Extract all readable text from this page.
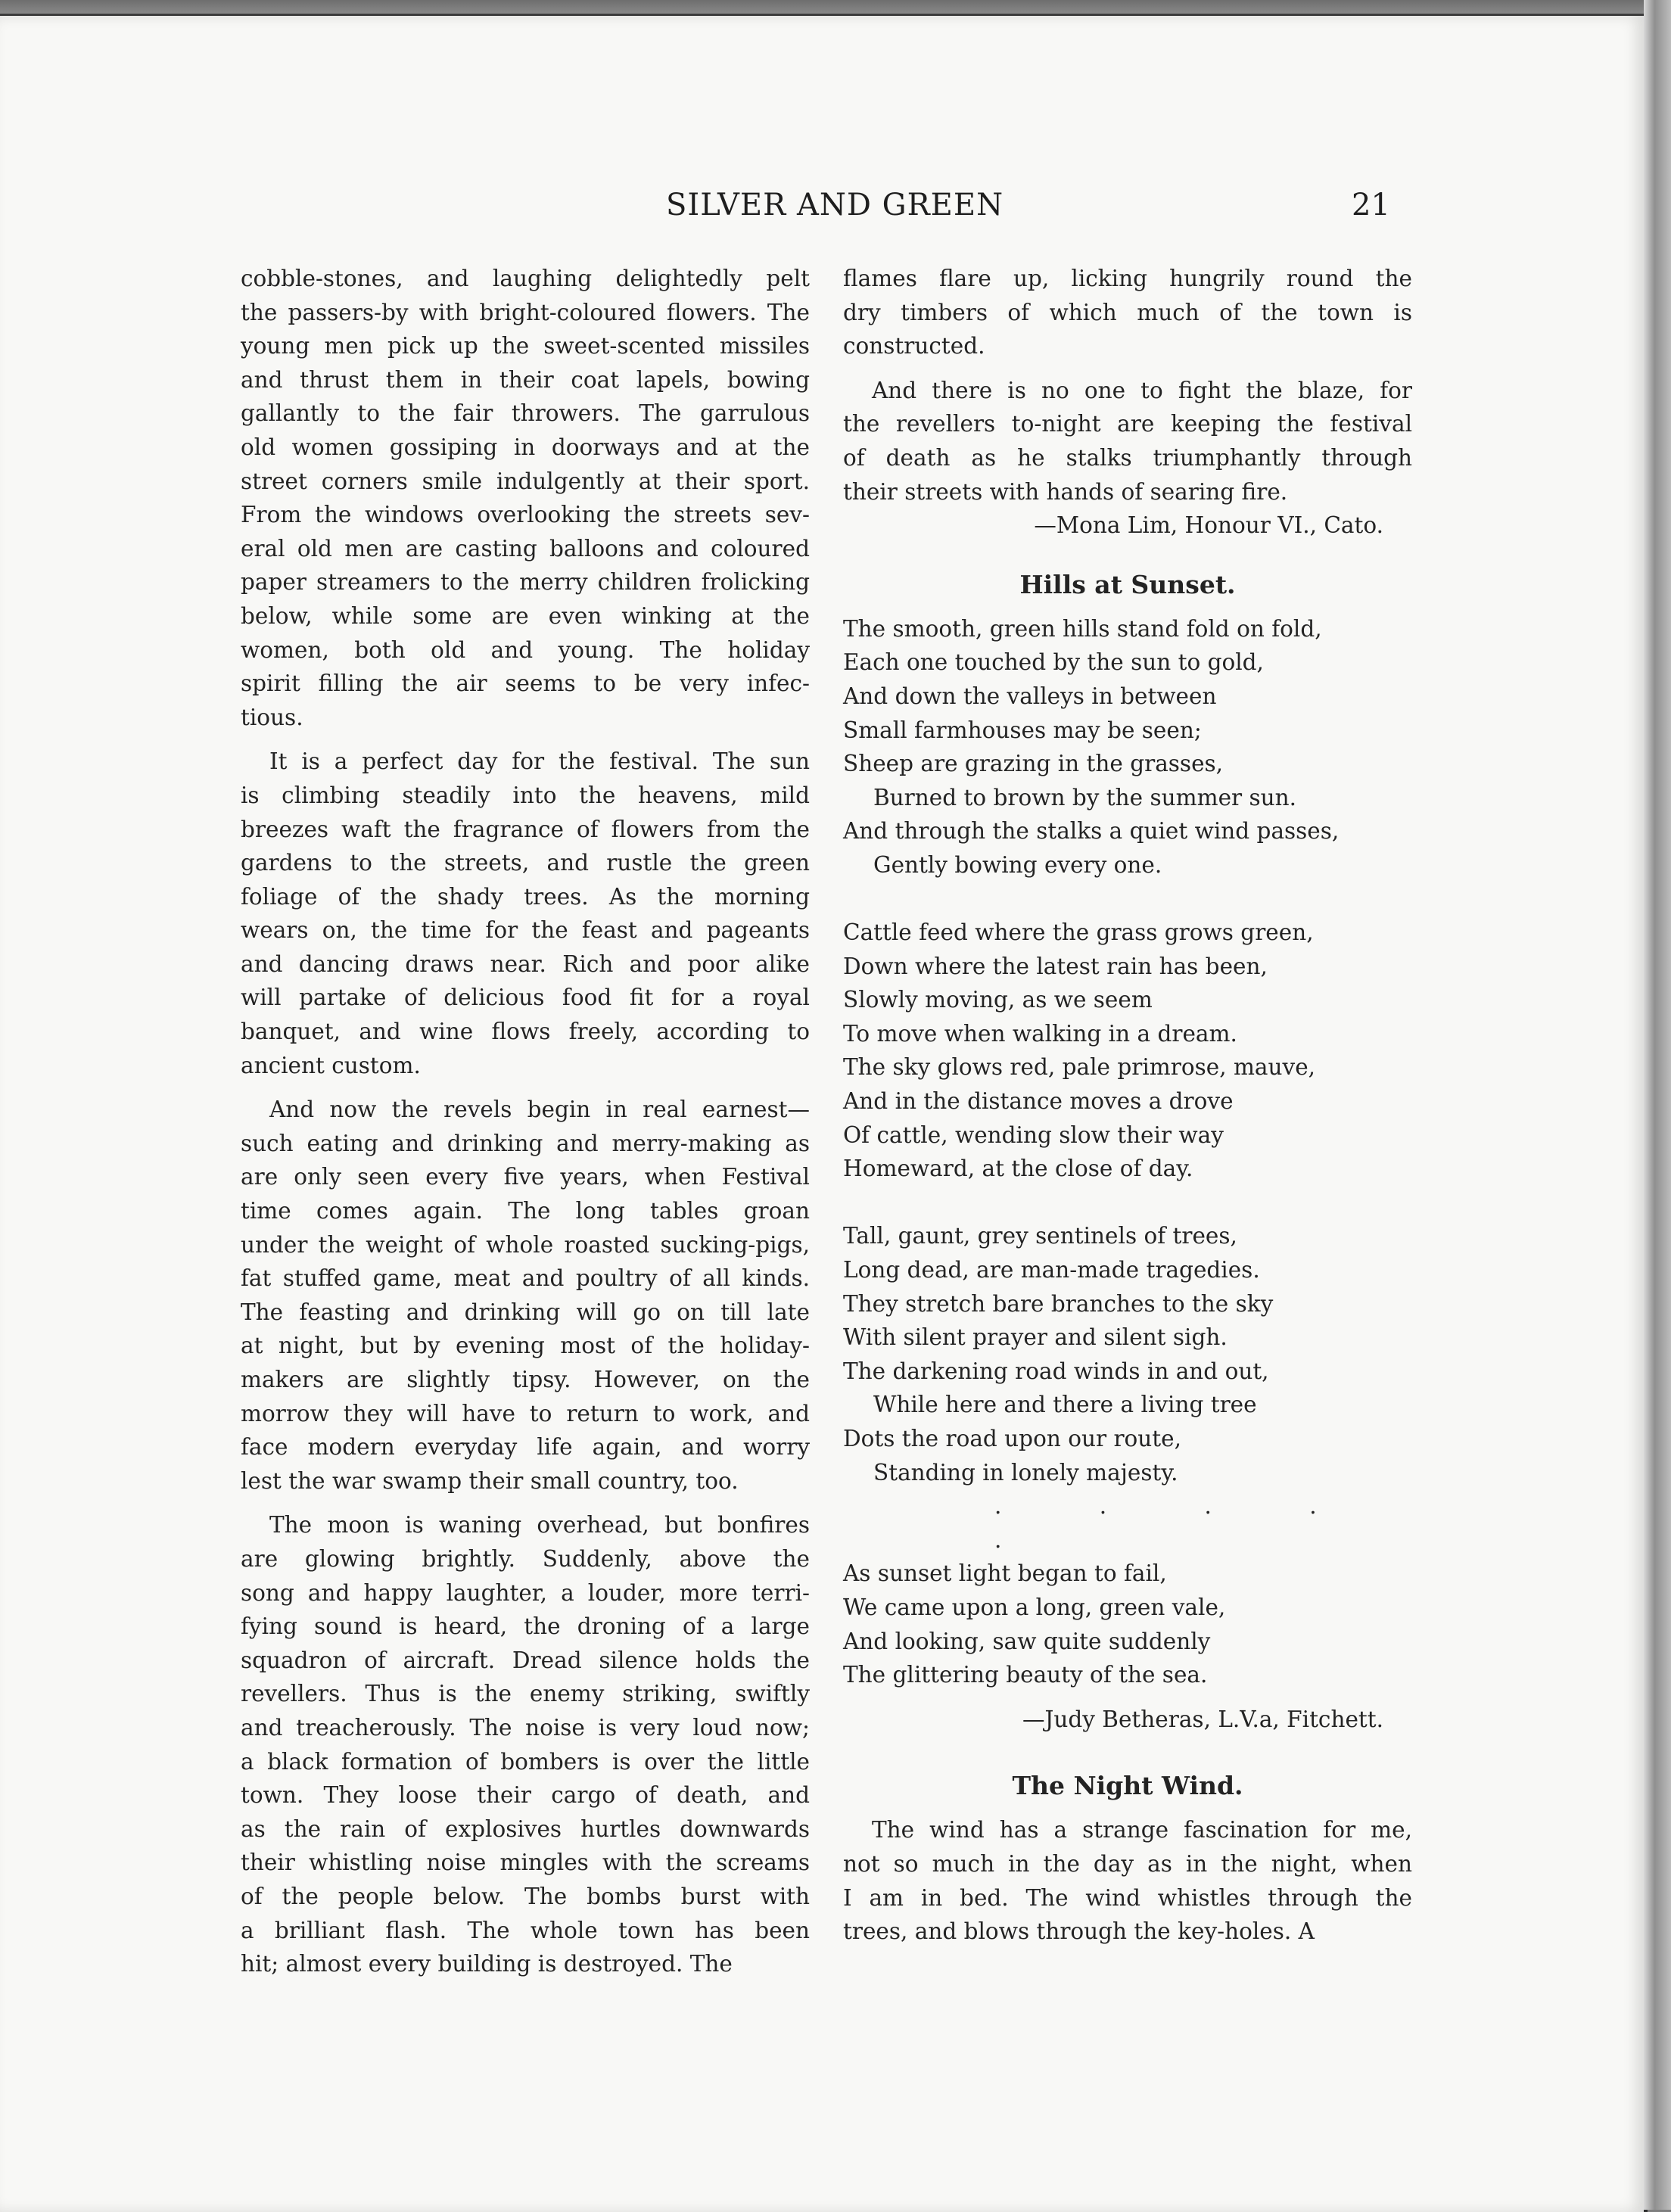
SILVER AND GREEN	21
cobble-stones, and laughing delightedly pelt
the passers-by with bright-coloured flowers. The
young men pick up the sweet-scented missiles
and thrust them in their coat lapels, bowing
gallantly to the fair throwers. The garrulous
old women gossiping in doorways and at the
street corners smile indulgently at their sport.
From the windows overlooking the streets sev-
eral old men are casting balloons and coloured
paper streamers to the merry children frolicking
below, while some are even winking at the
women, both old and young. The holiday
spirit filling the air seems to be very infec-
tious.
It is a perfect day for the festival. The sun
is climbing steadily into the heavens, mild
breezes waft the fragrance of flowers from the
gardens to the streets, and rustle the green
foliage of the shady trees. As the morning
wears on, the time for the feast and pageants
and dancing draws near. Rich and poor alike
will partake of delicious food fit for a royal
banquet, and wine flows freely, according to
ancient custom.
And now the revels begin in real earnest—
such eating and drinking and merry-making as
are only seen every five years, when Festival
time comes again. The long tables groan
under the weight of whole roasted sucking-pigs,
fat stuffed game, meat and poultry of all kinds.
The feasting and drinking will go on till late
at night, but by evening most of the holiday-
makers are slightly tipsy. However, on the
morrow they will have to return to work, and
face modern everyday life again, and worry
lest the war swamp their small country, too.
The moon is waning overhead, but bonfires
are glowing brightly. Suddenly, above the
song and happy laughter, a louder, more terri-
fying sound is heard, the droning of a large
squadron of aircraft. Dread silence holds the
revellers. Thus is the enemy striking, swiftly
and treacherously. The noise is very loud now;
a black formation of bombers is over the little
town. They loose their cargo of death, and
as the rain of explosives hurtles downwards
their whistling noise mingles with the screams
of the people below. The bombs burst with
a brilliant flash. The whole town has been
hit; almost every building is destroyed. The
flames flare up, licking hungrily round the
dry timbers of which much of the town is
constructed.
And there is no one to fight the blaze, for
the revellers to-night are keeping the festival
of death as he stalks triumphantly through
their streets with hands of searing fire.

—Mona Lim, Honour VI., Cato.

Hills at Sunset.

The smooth, green hills stand fold on fold,

Each one touched by the sun to gold,

And down the valleys in between

Small farmhouses may be seen;

Sheep are grazing in the grasses,

Burned to brown by the summer sun.

And through the stalks a quiet wind passes,

Gently bowing every one.

Cattle feed where the grass grows green,

Down where the latest rain has been,

Slowly moving, as we seem

To move when walking in a dream.

The sky glows red, pale primrose, mauve,

And in the distance moves a drove

Of cattle, wending slow their way

Homeward, at the close of day.

Tall, gaunt, grey sentinels of trees,

Long dead, are man-made tragedies.

They stretch bare branches to the sky

With silent prayer and silent sigh.

The darkening road winds in and out,

While here and there a living tree

Dots the road upon our route,

Standing in lonely majesty.

. . . . .

As sunset light began to fail,

We came upon a long, green vale,

And looking, saw quite suddenly

The glittering beauty of the sea.

—Judy Betheras, L.V.a, Fitchett.

The Night Wind.

The wind has a strange fascination for me,
not so much in the day as in the night, when
I am in bed. The wind whistles through the
trees, and blows through the key-holes. A
